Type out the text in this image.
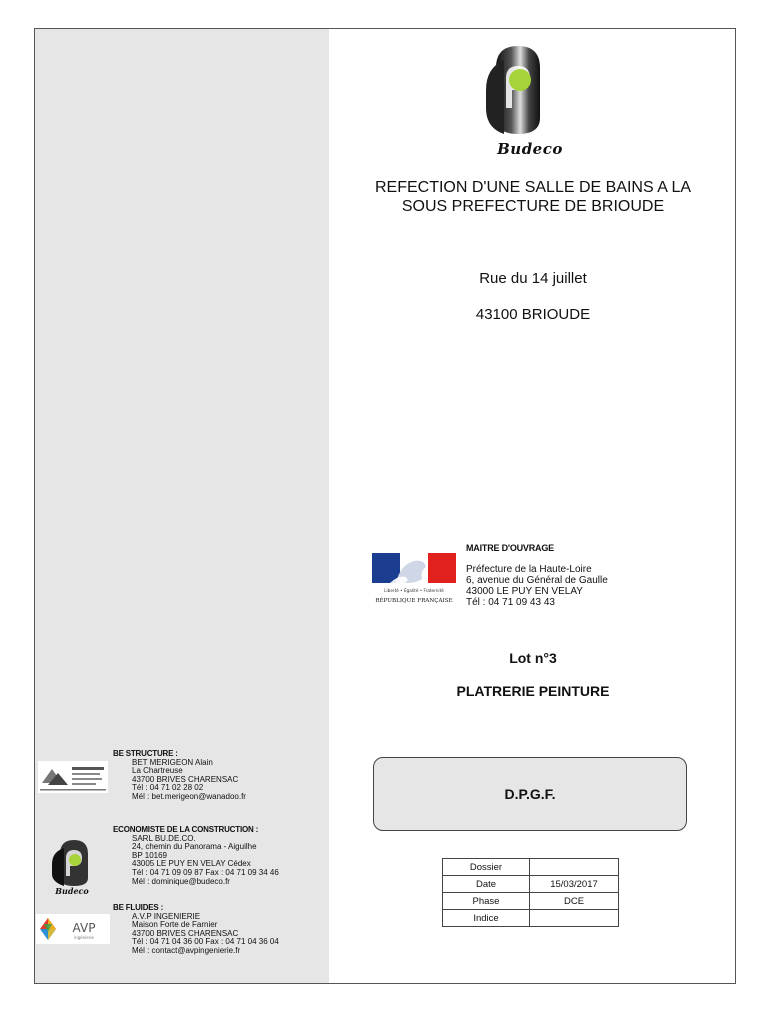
Budeco
REFECTION D'UNE SALLE DE BAINS A LA
SOUS PREFECTURE DE BRIOUDE
Rue du 14 juillet
43100 BRIOUDE
Liberté • Égalité • Fraternité
RÉPUBLIQUE FRANÇAISE
MAITRE D'OUVRAGE
Préfecture de la Haute-Loire
6, avenue du Général de Gaulle
43000 LE PUY EN VELAY
Tél : 04 71 09 43 43
Lot n°3
PLATRERIE PEINTURE
D.P.G.F.
Dossier	
Date	15/03/2017
Phase	DCE
Indice	
Budeco
AVP
ingénierie
BE STRUCTURE :
BET MERIGEON Alain
La Chartreuse
43700 BRIVES CHARENSAC
Tél : 04 71 02 28 02
Mél : bet.merigeon@wanadoo.fr
ECONOMISTE DE LA CONSTRUCTION :
SARL BU.DE.CO.
24, chemin du Panorama - Aiguilhe
BP 10169
43005 LE PUY EN VELAY Cédex
Tél : 04 71 09 09 87 Fax : 04 71 09 34 46
Mél : dominique@budeco.fr
BE FLUIDES :
A.V.P INGENIERIE
Maison Forte de Farnier
43700 BRIVES CHARENSAC
Tél : 04 71 04 36 00 Fax : 04 71 04 36 04
Mél : contact@avpingenierie.fr
